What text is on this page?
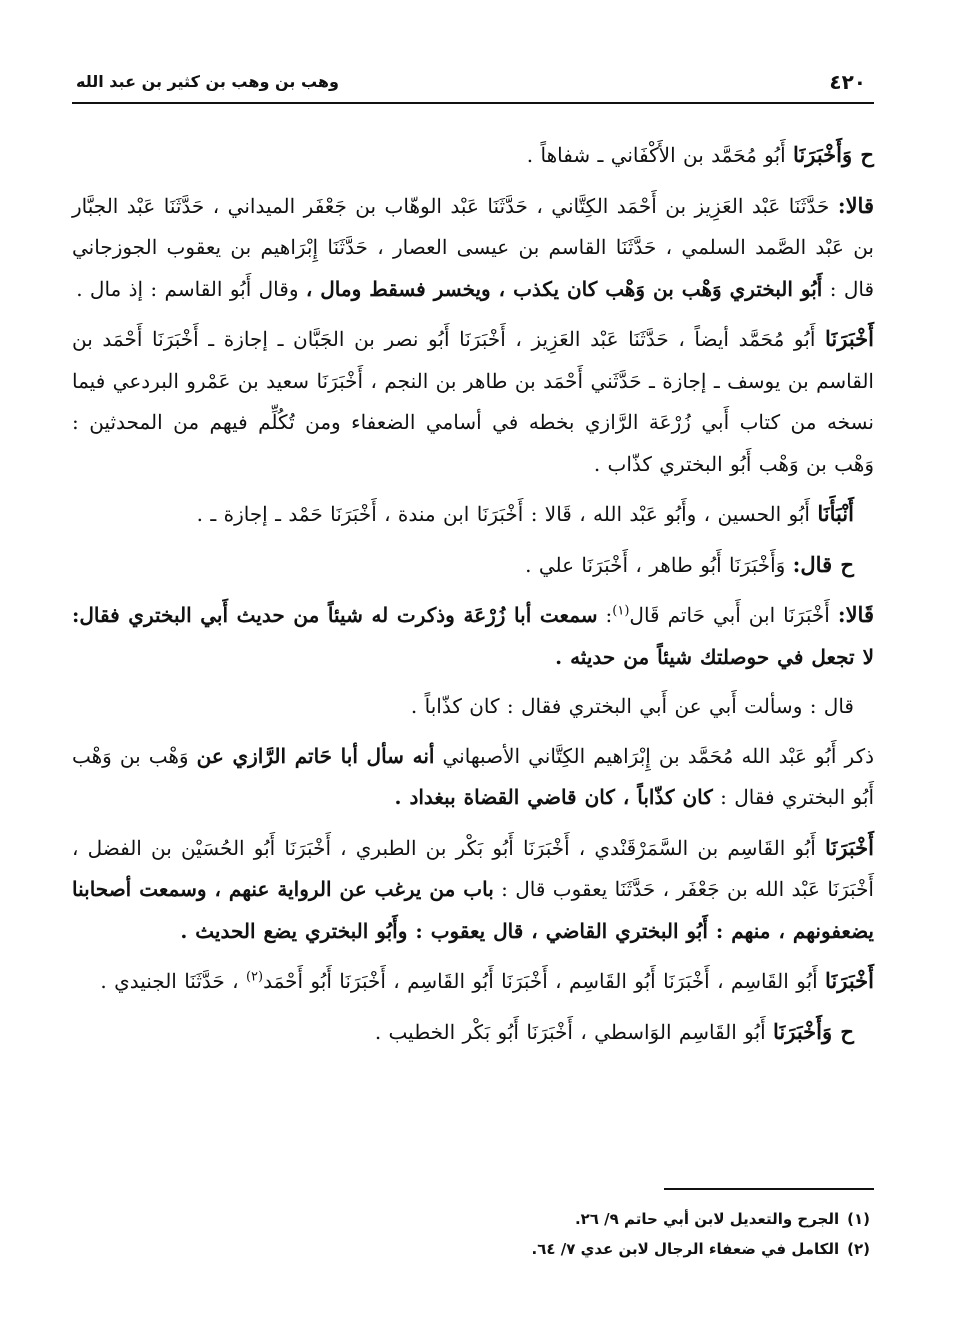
٤٢٠
وهب بن وهب بن كثير بن عبد الله

ح وَأَخْبَرَنَا أَبُو مُحَمَّد بن الأَكْفَاني ـ شفاهاً .

قالا: حَدَّثَنَا عَبْد العَزِيز بن أَحْمَد الكِتَّاني ، حَدَّثَنَا عَبْد الوهّاب بن جَعْفَر الميداني ، حَدَّثَنَا عَبْد الجبَّار بن عَبْد الصَّمد السلمي ، حَدَّثَنَا القاسم بن عيسى العصار ، حَدَّثَنَا إِبْرَاهيم بن يعقوب الجوزجاني قال : أَبُو البختري وَهْب بن وَهْب كان يكذب ، ويخسر فسقط ومال ، وقال أَبُو القاسم : إذ مال .

أَخْبَرَنَا أَبُو مُحَمَّد أيضاً ، حَدَّثَنَا عَبْد العَزِيز ، أَخْبَرَنَا أَبُو نصر بن الجَبَّان ـ إجازة ـ أَخْبَرَنَا أَحْمَد بن القاسم بن يوسف ـ إجازة ـ حَدَّثَني أَحْمَد بن طاهر بن النجم ، أَخْبَرَنَا سعيد بن عَمْرو البردعي فيما نسخه من كتاب أَبي زُرْعَة الرَّازي بخطه في أسامي الضعفاء ومن تُكُلِّم فيهم من المحدثين : وَهْب بن وَهْب أَبُو البختري كذّاب .

أَنْبَأَنَا أَبُو الحسين ، وأَبُو عَبْد الله ، قَالا : أَخْبَرَنَا ابن مندة ، أَخْبَرَنَا حَمْد ـ إجازة ـ .

ح قال: وَأَخْبَرَنَا أَبُو طاهر ، أَخْبَرَنَا علي .

قَالا: أَخْبَرَنَا ابن أَبي حَاتم قَال$^{(١)}$: سمعت أبا زُرْعَة وذكرت له شيئاً من حديث أَبي البختري فقال: لا تجعل في حوصلتك شيئاً من حديثه .

قال : وسألت أَبي عن أَبي البختري فقال : كان كذّاباً .

ذكر أَبُو عَبْد الله مُحَمَّد بن إِبْرَاهيم الكِتَّاني الأصبهاني أنه سأل أبا حَاتم الرَّازي عن وَهْب بن وَهْب أَبُو البختري فقال : كان كذّاباً ، كان قاضي القضاة ببغداد .

أَخْبَرَنَا أَبُو القَاسِم بن السَّمَرْقَنْدي ، أَخْبَرَنَا أَبُو بَكْر بن الطبري ، أَخْبَرَنَا أَبُو الحُسَيْن بن الفضل ، أَخْبَرَنَا عَبْد الله بن جَعْفَر ، حَدَّثَنَا يعقوب قال : باب من يرغب عن الرواية عنهم ، وسمعت أصحابنا يضعفونهم ، منهم : أَبُو البختري القاضي ، قال يعقوب : وأَبُو البختري يضع الحديث .

أَخْبَرَنَا أَبُو القَاسِم ، أَخْبَرَنَا أَبُو القَاسِم ، أَخْبَرَنَا أَبُو القَاسِم ، أَخْبَرَنَا أَبُو أَحْمَد$^{(٢)}$ ، حَدَّثَنَا الجنيدي .

ح وَأَخْبَرَنَا أَبُو القَاسِم الوَاسطي ، أَخْبَرَنَا أَبُو بَكْر الخطيب .

(١)الجرح والتعديل لابن أبي حاتم ٩/ ٢٦.
(٢)الكامل في ضعفاء الرجال لابن عدي ٧/ ٦٤.
